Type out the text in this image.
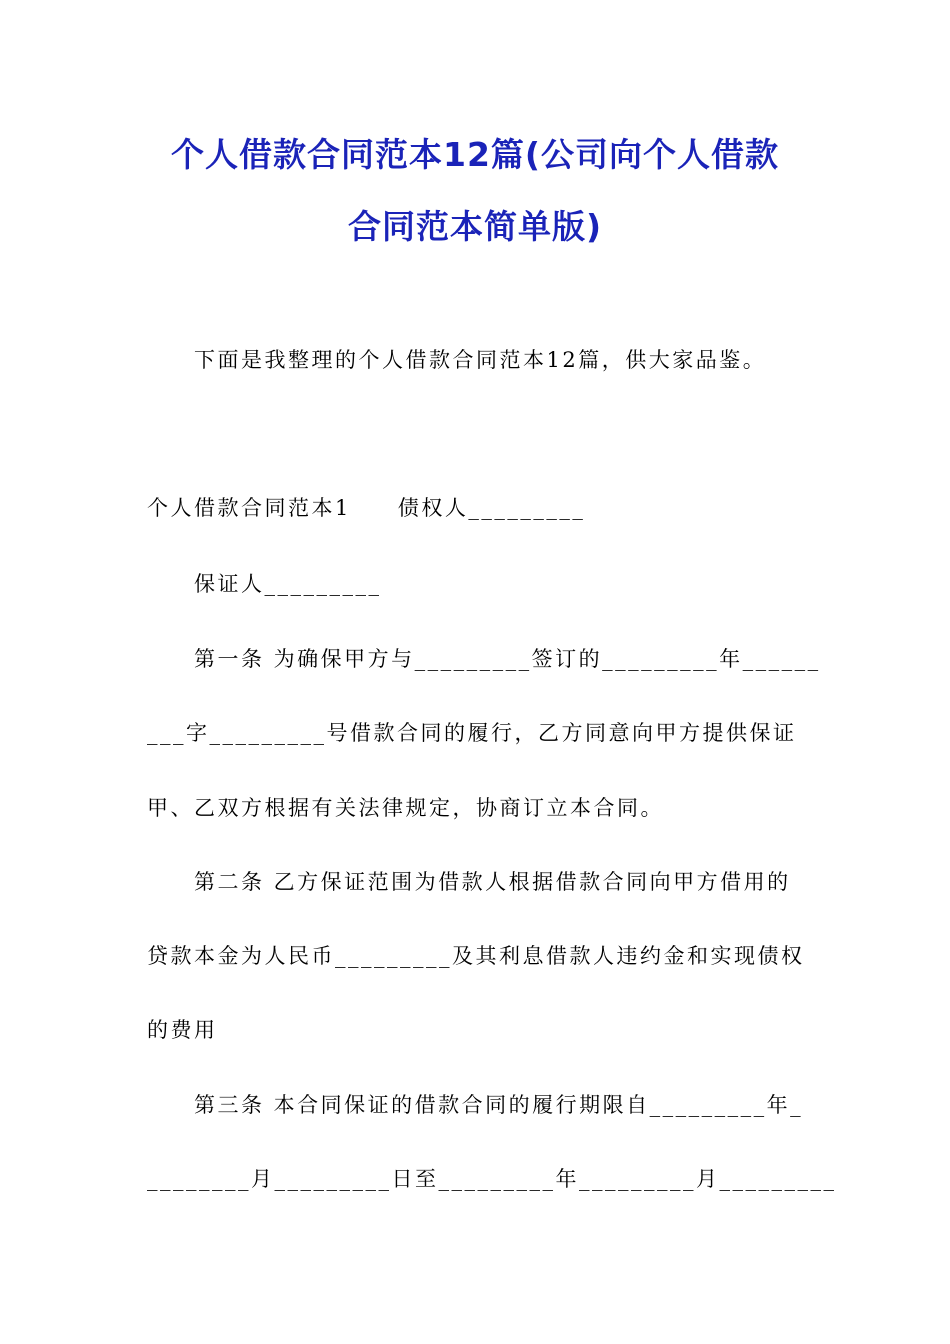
个人借款合同范本12篇(公司向个人借款
合同范本简单版)
下面是我整理的个人借款合同范本12篇，供大家品鉴。
个人借款合同范本1　　债权人_________
保证人_________
第一条 为确保甲方与_________签订的_________年______
___字_________号借款合同的履行，乙方同意向甲方提供保证
甲、乙双方根据有关法律规定，协商订立本合同。
第二条 乙方保证范围为借款人根据借款合同向甲方借用的
贷款本金为人民币_________及其利息借款人违约金和实现债权
的费用
第三条 本合同保证的借款合同的履行期限自_________年_
________月_________日至_________年_________月_________
